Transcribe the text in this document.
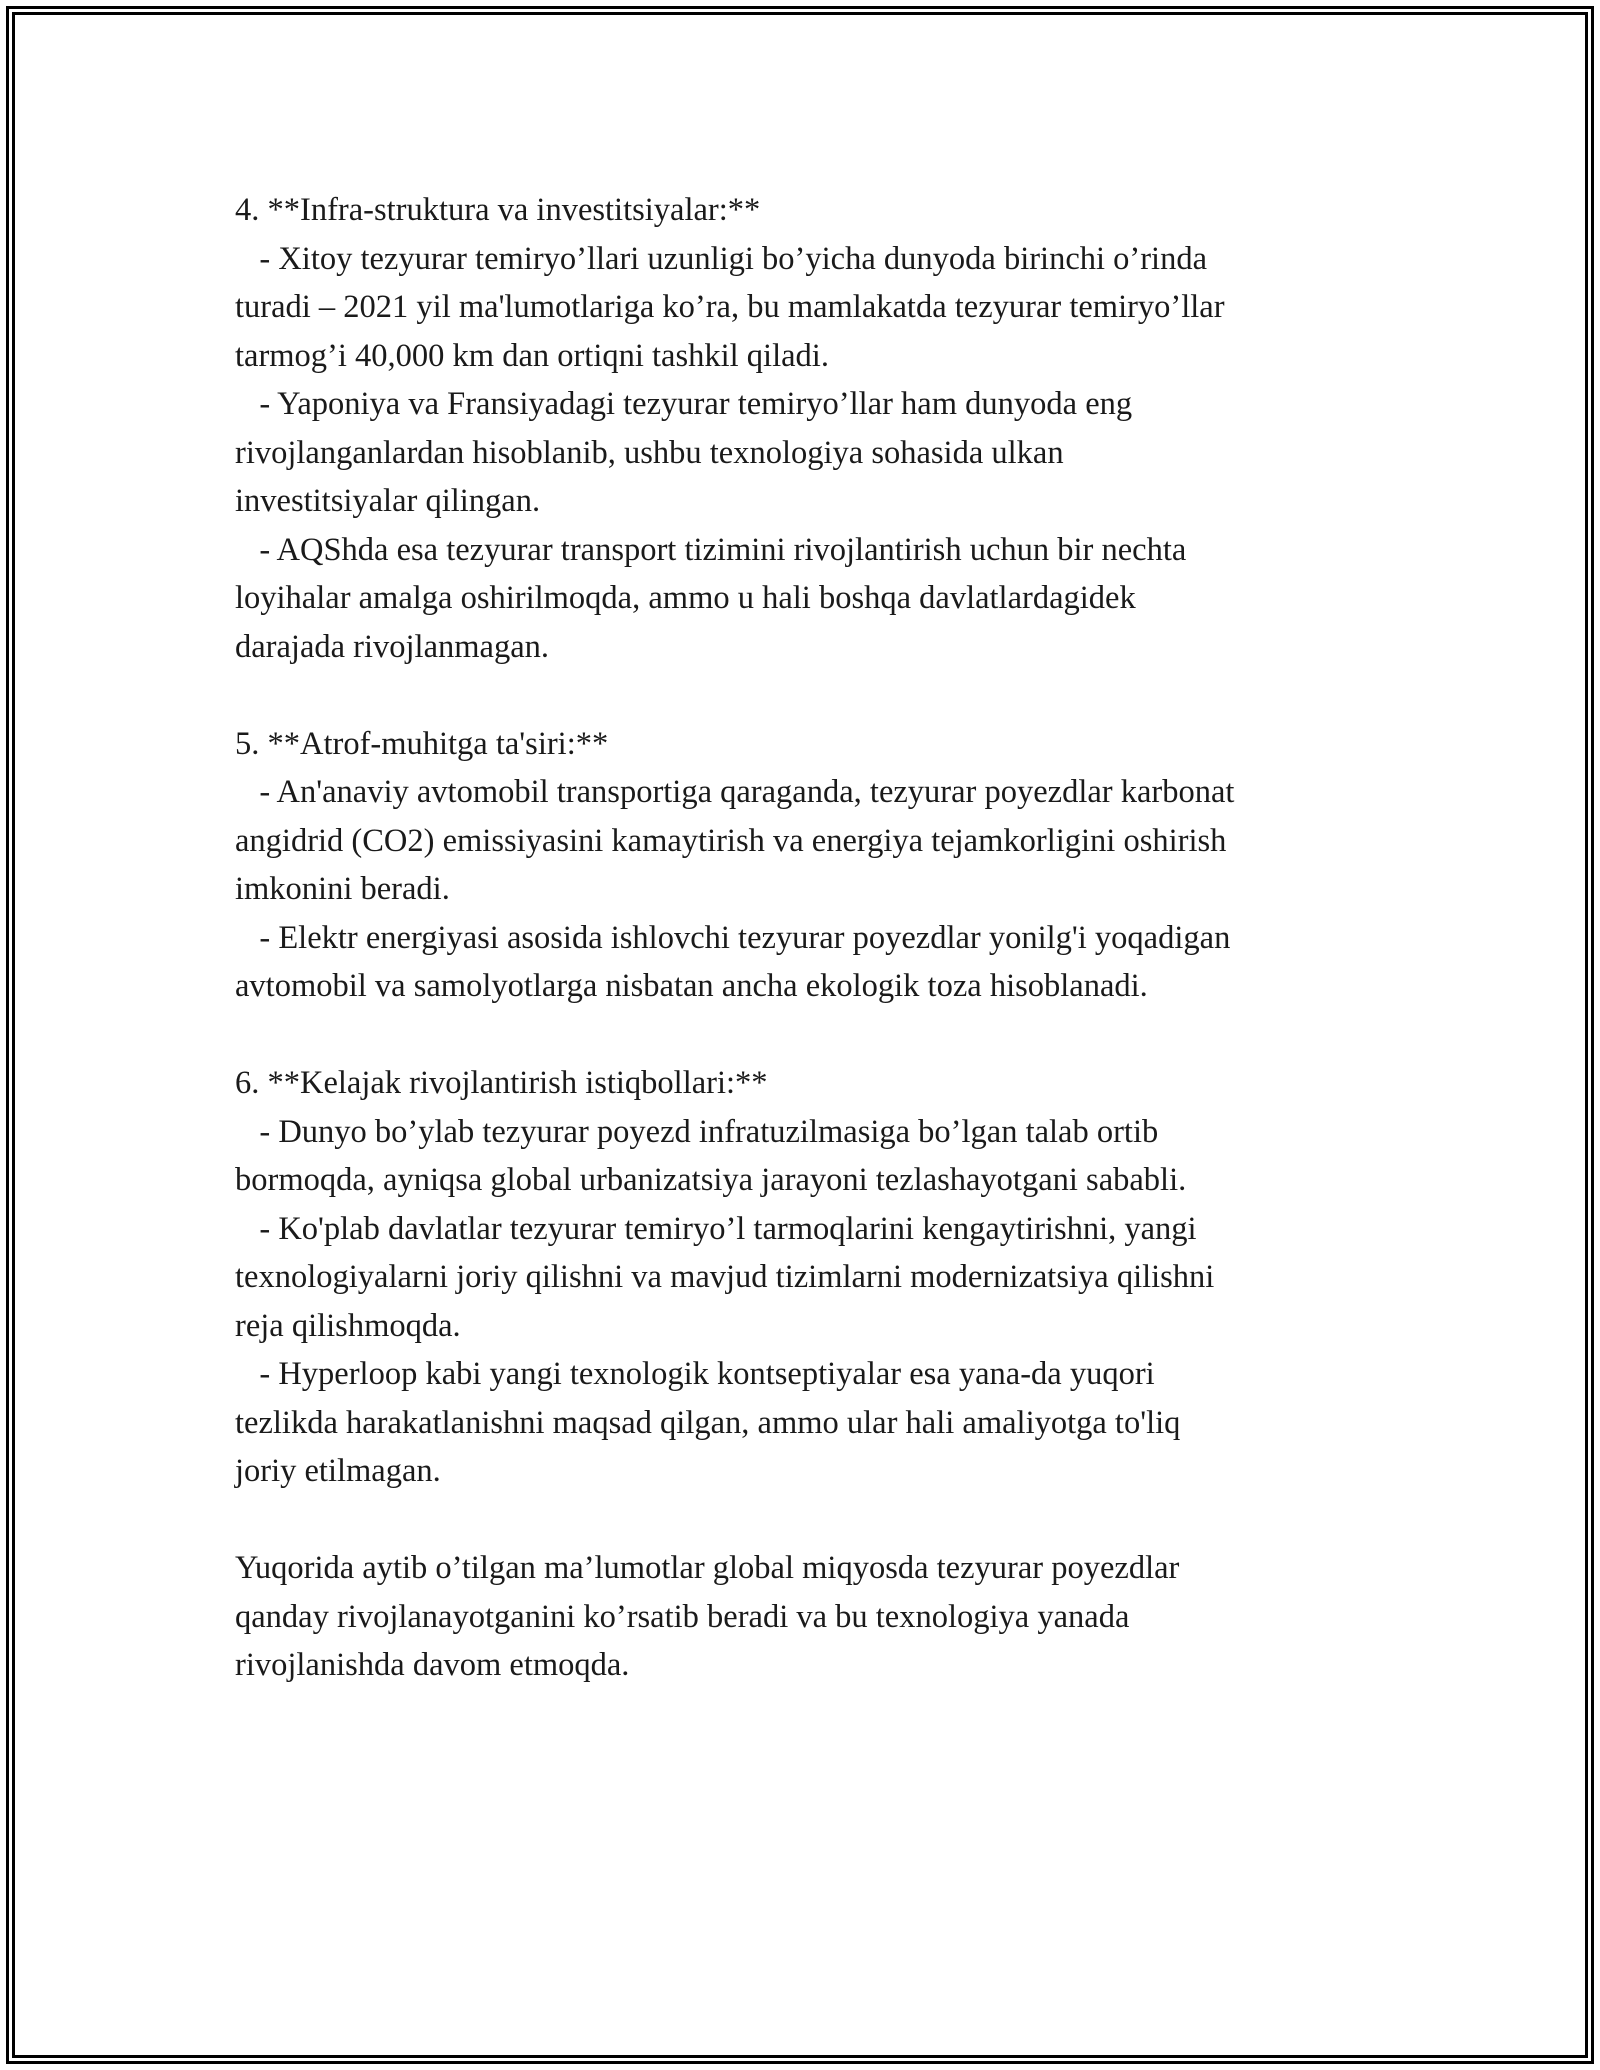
4. **Infra-struktura va investitsiyalar:**
- Xitoy tezyurar temiryo’llari uzunligi bo’yicha dunyoda birinchi o’rinda
turadi – 2021 yil ma'lumotlariga ko’ra, bu mamlakatda tezyurar temiryo’llar
tarmog’i 40,000 km dan ortiqni tashkil qiladi.
- Yaponiya va Fransiyadagi tezyurar temiryo’llar ham dunyoda eng
rivojlanganlardan hisoblanib, ushbu texnologiya sohasida ulkan
investitsiyalar qilingan.
- AQShda esa tezyurar transport tizimini rivojlantirish uchun bir nechta
loyihalar amalga oshirilmoqda, ammo u hali boshqa davlatlardagidek
darajada rivojlanmagan.
5. **Atrof-muhitga ta'siri:**
- An'anaviy avtomobil transportiga qaraganda, tezyurar poyezdlar karbonat
angidrid (CO2) emissiyasini kamaytirish va energiya tejamkorligini oshirish
imkonini beradi.
- Elektr energiyasi asosida ishlovchi tezyurar poyezdlar yonilg'i yoqadigan
avtomobil va samolyotlarga nisbatan ancha ekologik toza hisoblanadi.
6. **Kelajak rivojlantirish istiqbollari:**
- Dunyo bo’ylab tezyurar poyezd infratuzilmasiga bo’lgan talab ortib
bormoqda, ayniqsa global urbanizatsiya jarayoni tezlashayotgani sababli.
- Ko'plab davlatlar tezyurar temiryo’l tarmoqlarini kengaytirishni, yangi
texnologiyalarni joriy qilishni va mavjud tizimlarni modernizatsiya qilishni
reja qilishmoqda.
- Hyperloop kabi yangi texnologik kontseptiyalar esa yana-da yuqori
tezlikda harakatlanishni maqsad qilgan, ammo ular hali amaliyotga to'liq
joriy etilmagan.
Yuqorida aytib o’tilgan ma’lumotlar global miqyosda tezyurar poyezdlar
qanday rivojlanayotganini ko’rsatib beradi va bu texnologiya yanada
rivojlanishda davom etmoqda.
